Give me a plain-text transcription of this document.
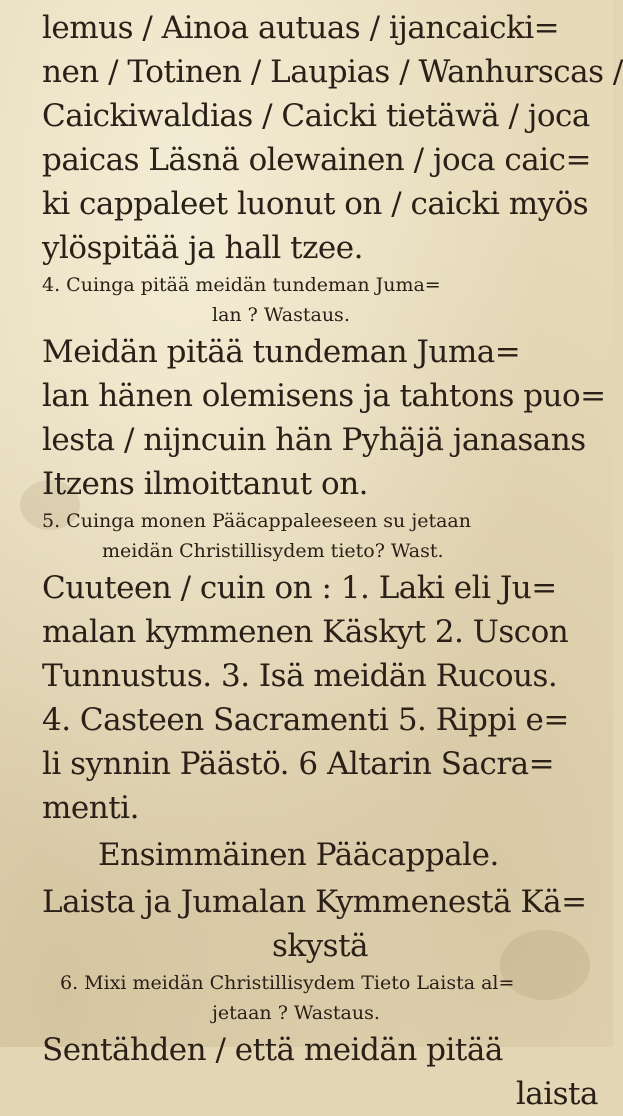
lemus / Ainoa autuas / ijancaicki=
nen / Totinen / Laupias / Wanhurscas /
Caickiwaldias / Caicki tietäwä / joca
paicas Läsnä olewainen / joca caic=
ki cappaleet luonut on / caicki myös
ylöspitää ja hall tzee.
4. Cuinga pitää meidän tundeman Juma=
lan ? Wastaus.
Meidän pitää tundeman Juma=
lan hänen olemisens ja tahtons puo=
lesta / nijncuin hän Pyhäjä janasans
Itzens ilmoittanut on.
5. Cuinga monen Pääcappaleeseen su jetaan
meidän Christillisydem tieto? Wast.
Cuuteen / cuin on : 1. Laki eli Ju=
malan kymmenen Käskyt 2. Uscon
Tunnustus. 3. Isä meidän Rucous.
4. Casteen Sacramenti 5. Rippi e=
li synnin Päästö. 6 Altarin Sacra=
menti.
Ensimmäinen Pääcappale.
Laista ja Jumalan Kymmenestä Kä=
skystä
6. Mixi meidän Christillisydem Tieto Laista al=
jetaan ? Wastaus.
Sentähden / että meidän pitää
laista
